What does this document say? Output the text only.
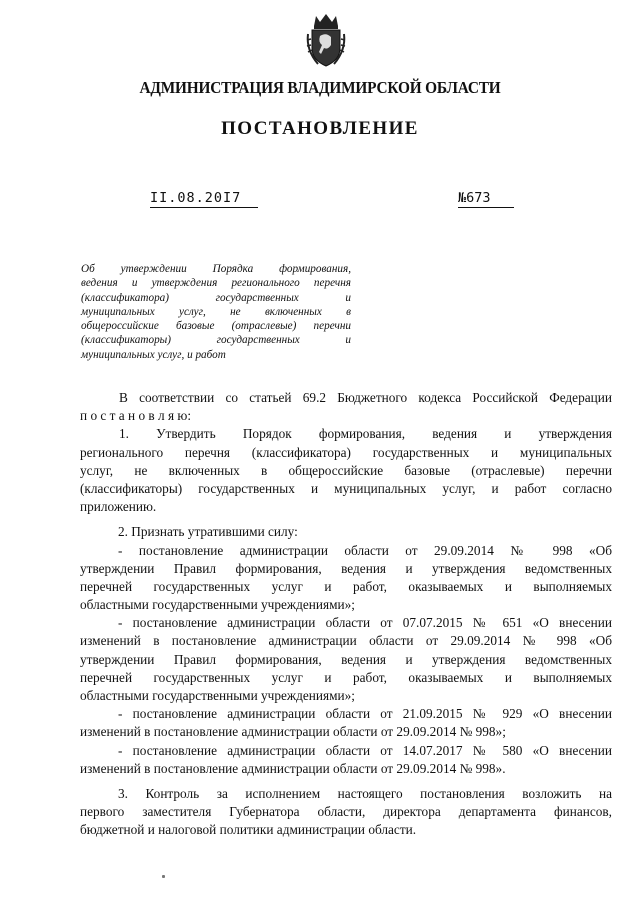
АДМИНИСТРАЦИЯ ВЛАДИМИРСКОЙ ОБЛАСТИ
ПОСТАНОВЛЕНИЕ
II.08.20I7	№673
Об утверждении Порядка формирования,
ведения и утверждения регионального перечня
(классификатора) государственных и
муниципальных услуг, не включенных в
общероссийские базовые (отраслевые) перечни
(классификаторы) государственных и
муниципальных услуг, и работ
В соответствии со статьей 69.2 Бюджетного кодекса Российской Федерации
п о с т а н о в л я ю:
1. Утвердить Порядок формирования, ведения и утверждения
регионального перечня (классификатора) государственных и муниципальных
услуг, не включенных в общероссийские базовые (отраслевые) перечни
(классификаторы) государственных и муниципальных услуг, и работ согласно
приложению.
2. Признать утратившими силу:
- постановление администрации области от 29.09.2014 № 998 «Об
утверждении Правил формирования, ведения и утверждения ведомственных
перечней государственных услуг и работ, оказываемых и выполняемых
областными государственными учреждениями»;
- постановление администрации области от 07.07.2015 № 651 «О внесении
изменений в постановление администрации области от 29.09.2014 № 998 «Об
утверждении Правил формирования, ведения и утверждения ведомственных
перечней государственных услуг и работ, оказываемых и выполняемых
областными государственными учреждениями»;
- постановление администрации области от 21.09.2015 № 929 «О внесении
изменений в постановление администрации области от 29.09.2014 № 998»;
- постановление администрации области от 14.07.2017 № 580 «О внесении
изменений в постановление администрации области от 29.09.2014 № 998».
3. Контроль за исполнением настоящего постановления возложить на
первого заместителя Губернатора области, директора департамента финансов,
бюджетной и налоговой политики администрации области.
